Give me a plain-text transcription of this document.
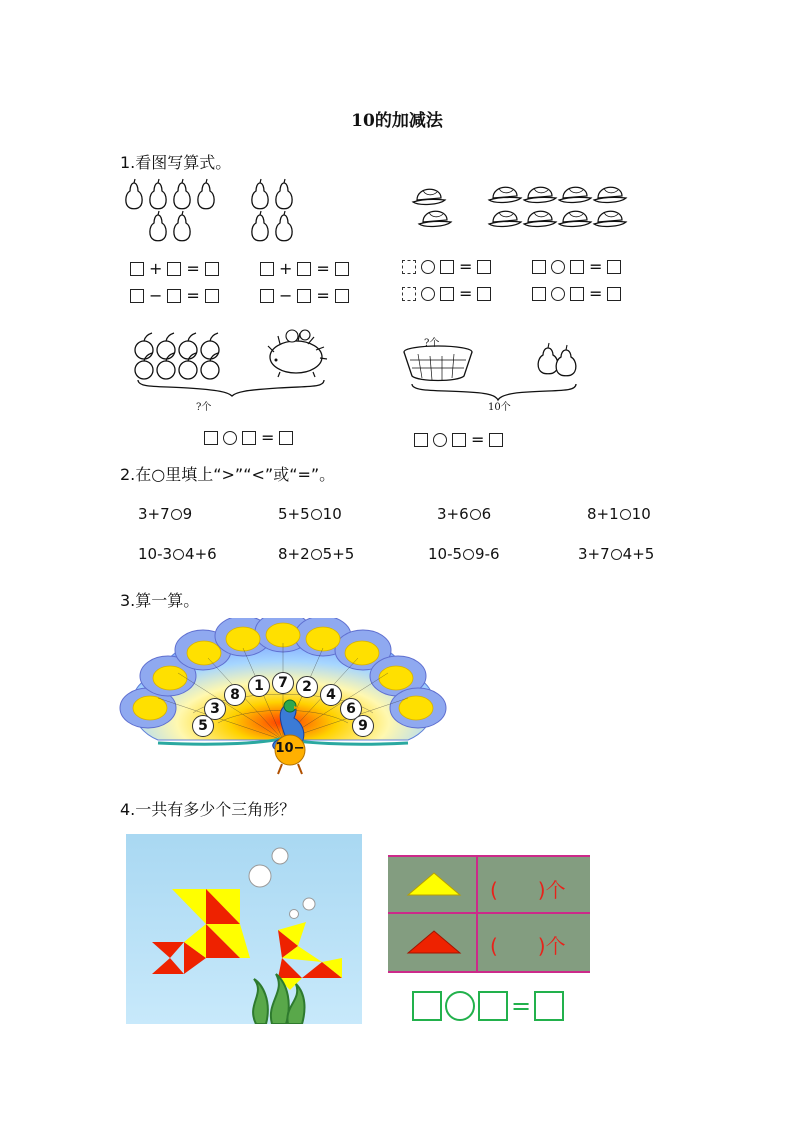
10的加减法
1.看图写算式。
+ =
− =
+ =
− =
=
=
=
=
?个
?个
10个
=	=
2.在○里填上“>”“<”或“=”。
3+7 9	5+5 10	3+6 6	8+1 10
10-3 4+6	8+2 5+5	10-5 9-6	3+7 4+5
3.算一算。
1	7	2
8	4
3	6
5	9
10−
4.一共有多少个三角形？
(　　)个
(　　)个
=
